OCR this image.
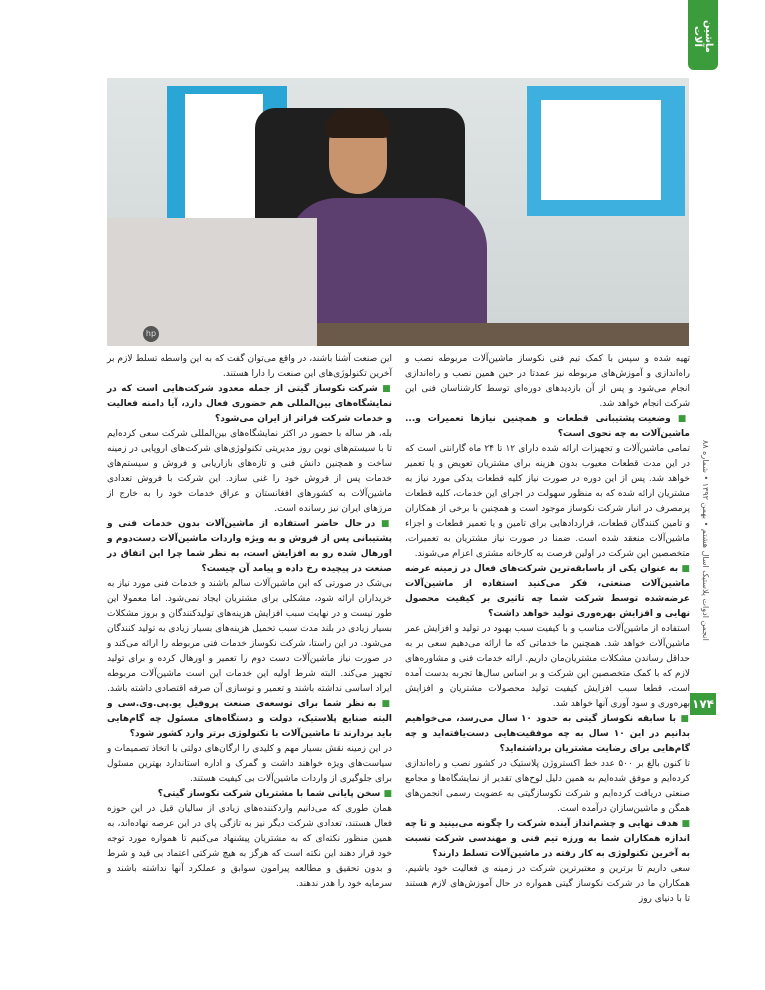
ماشین آلات
hp

تهیه شده و سپس با کمک تیم فنی نکوساز ماشین‌آلات مربوطه نصب و راه‌اندازی و آموزش‌های مربوطه نیز عمدتا در حین همین نصب و راه‌اندازی انجام می‌شود و پس از آن بازدیدهای دوره‌ای توسط کارشناسان فنی این شرکت انجام خواهد شد.

■ وضعیت پشتیبانی قطعات و همچنین نیازها تعمیرات و... ماشین‌آلات به چه نحوی است؟

تمامی ماشین‌آلات و تجهیزات ارائه شده دارای ۱۲ تا ۲۴ ماه گارانتی است که در این مدت قطعات معیوب بدون هزینه برای مشتریان تعویض و یا تعمیر خواهد شد. پس از این دوره در صورت نیاز کلیه قطعات یدکی مورد نیاز به مشتریان ارائه شده که به منظور سهولت در اجرای این خدمات، کلیه قطعات پرمصرف در انبار شرکت نکوساز موجود است و همچنین با برخی از همکاران و تامین کنندگان قطعات، قراردادهایی برای تامین و یا تعمیر قطعات و اجزاء ماشین‌آلات منعقد شده است. ضمنا در صورت نیاز مشتریان به تعمیرات، متخصصین این شرکت در اولین فرصت به کارخانه مشتری اعزام می‌شوند.

■ به عنوان یکی از باسابقه‌ترین شرکت‌های فعال در زمینه عرضه ماشین‌آلات صنعتی، فکر می‌کنید استفاده از ماشین‌آلات عرضه‌شده توسط شرکت شما چه تاثیری بر کیفیت محصول نهایی و افزایش بهره‌وری تولید خواهد داشت؟

استفاده از ماشین‌آلات مناسب و با کیفیت سبب بهبود در تولید و افزایش عمر ماشین‌آلات خواهد شد. همچنین ما خدماتی که ما ارائه می‌دهیم سعی بر به حداقل رساندن مشکلات مشتریان‌مان داریم. ارائه خدمات فنی و مشاوره‌های لازم که با کمک متخصصین این شرکت و بر اساس سال‌ها تجربه بدست آمده است، قطعا سبب افزایش کیفیت تولید محصولات مشتریان و افزایش بهره‌وری و سود آوری آنها خواهد شد.

■ با سابقه نکوساز گیتی به حدود ۱۰ سال می‌رسد، می‌خواهیم بدانیم در این ۱۰ سال به چه موفقیت‌هایی دست‌یافته‌اید و چه گام‌هایی برای رضایت مشتریان برداشته‌اید؟

تا کنون بالغ بر ۵۰۰ عدد خط اکستروژن پلاستیک در کشور نصب و راه‌اندازی کرده‌ایم و موفق شده‌ایم به همین دلیل لوح‌های تقدیر از نمایشگاه‌ها و مجامع صنعتی دریافت کرده‌ایم و شرکت نکوسازگیتی به عضویت رسمی انجمن‌های همگن و ماشین‌سازان درآمده است.

■ هدف نهایی و چشم‌انداز آینده شرکت را چگونه می‌بینید و تا چه اندازه همکاران شما به ورزه تیم فنی و مهندسی شرکت نسبت به آخرین تکنولوژی به کار رفته در ماشین‌آلات تسلط دارند؟

سعی داریم تا برترین و معتبرترین شرکت در زمینه ی فعالیت خود باشیم. همکاران ما در شرکت نکوساز گیتی همواره در حال آموزش‌های لازم هستند تا با دنیای روز

این صنعت آشنا باشند، در واقع می‌توان گفت که به این واسطه تسلط لازم بر آخرین تکنولوژی‌های این صنعت را دارا هستند.

■ شرکت نکوساز گیتی از جمله معدود شرکت‌هایی است که در نمایشگاه‌های بین‌المللی هم حضوری فعال دارد، آیا دامنه فعالیت و خدمات شرکت فراتر از ایران می‌شود؟

بله، هر ساله با حضور در اکثر نمایشگاه‌های بین‌المللی شرکت سعی کرده‌ایم تا با سیستم‌های نوین روز مدیریتی تکنولوژی‌های شرکت‌های اروپایی در زمینه ساخت و همچنین دانش فنی و تازه‌های بازاریابی و فروش و سیستم‌های خدمات پس از فروش خود را غنی سازد. این شرکت با فروش تعدادی ماشین‌آلات به کشورهای افغانستان و عراق خدمات خود را به خارج از مرزهای ایران نیز رسانده است.

■ در حال حاضر استفاده از ماشین‌آلات بدون خدمات فنی و پشتیبانی پس از فروش و به ویژه واردات ماشین‌آلات دست‌دوم و اورهال شده رو به افزایش است، به نظر شما چرا این اتفاق در صنعت در پیچیده رخ داده و پیامد آن چیست؟

بی‌شک در صورتی که این ماشین‌آلات سالم باشند و خدمات فنی مورد نیاز به خریداران ارائه شود، مشکلی برای مشتریان ایجاد نمی‌شود. اما معمولا این طور نیست و در نهایت سبب افزایش هزینه‌های تولیدکنندگان و بروز مشکلات بسیار زیادی در بلند مدت سبب تحمیل هزینه‌های بسیار زیادی به تولید کنندگان می‌شود. در این راستا، شرکت نکوساز خدمات فنی مربوطه را ارائه می‌کند و در صورت نیاز ماشین‌آلات دست دوم را تعمیر و اورهال کرده و برای تولید تجهیز می‌کند. البته شرط اولیه این خدمات این است ماشین‌آلات مربوطه ایراد اساسی نداشته باشند و تعمیر و نوسازی آن صرفه اقتصادی داشته باشد.

■ به نظر شما برای توسعه‌ی صنعت پروفیل یو.پی.وی.سی و البته صنایع پلاستیک، دولت و دستگاه‌های مسئول چه گام‌هایی باید بردارند تا ماشین‌آلات با تکنولوژی برتر وارد کشور شود؟

در این زمینه نقش بسیار مهم و کلیدی را ارگان‌های دولتی با اتخاذ تصمیمات و سیاست‌های ویژه خواهند داشت و گمرک و اداره استاندارد بهترین مسئول برای جلوگیری از واردات ماشین‌آلات بی کیفیت هستند.

■ سخن پایانی شما با مشتریان شرکت نکوساز گیتی؟

همان طوری که می‌دانیم واردکننده‌های زیادی از سالیان قبل در این حوزه فعال هستند، تعدادی شرکت دیگر نیز به تازگی پای در این عرصه نهاده‌اند، به همین منظور نکته‌ای که به مشتریان پیشنهاد می‌کنیم تا همواره مورد توجه خود قرار دهند این نکته است که هرگز به هیچ شرکتی اعتماد بی قید و شرط و بدون تحقیق و مطالعه پیرامون سوابق و عملکرد آنها نداشته باشند و سرمایه خود را هدر ندهند.

انجمن ادوات پلاستیک اسال هشتم • بهمن ۱۳۹۲ • شماره ۸۸
۱۷۴
